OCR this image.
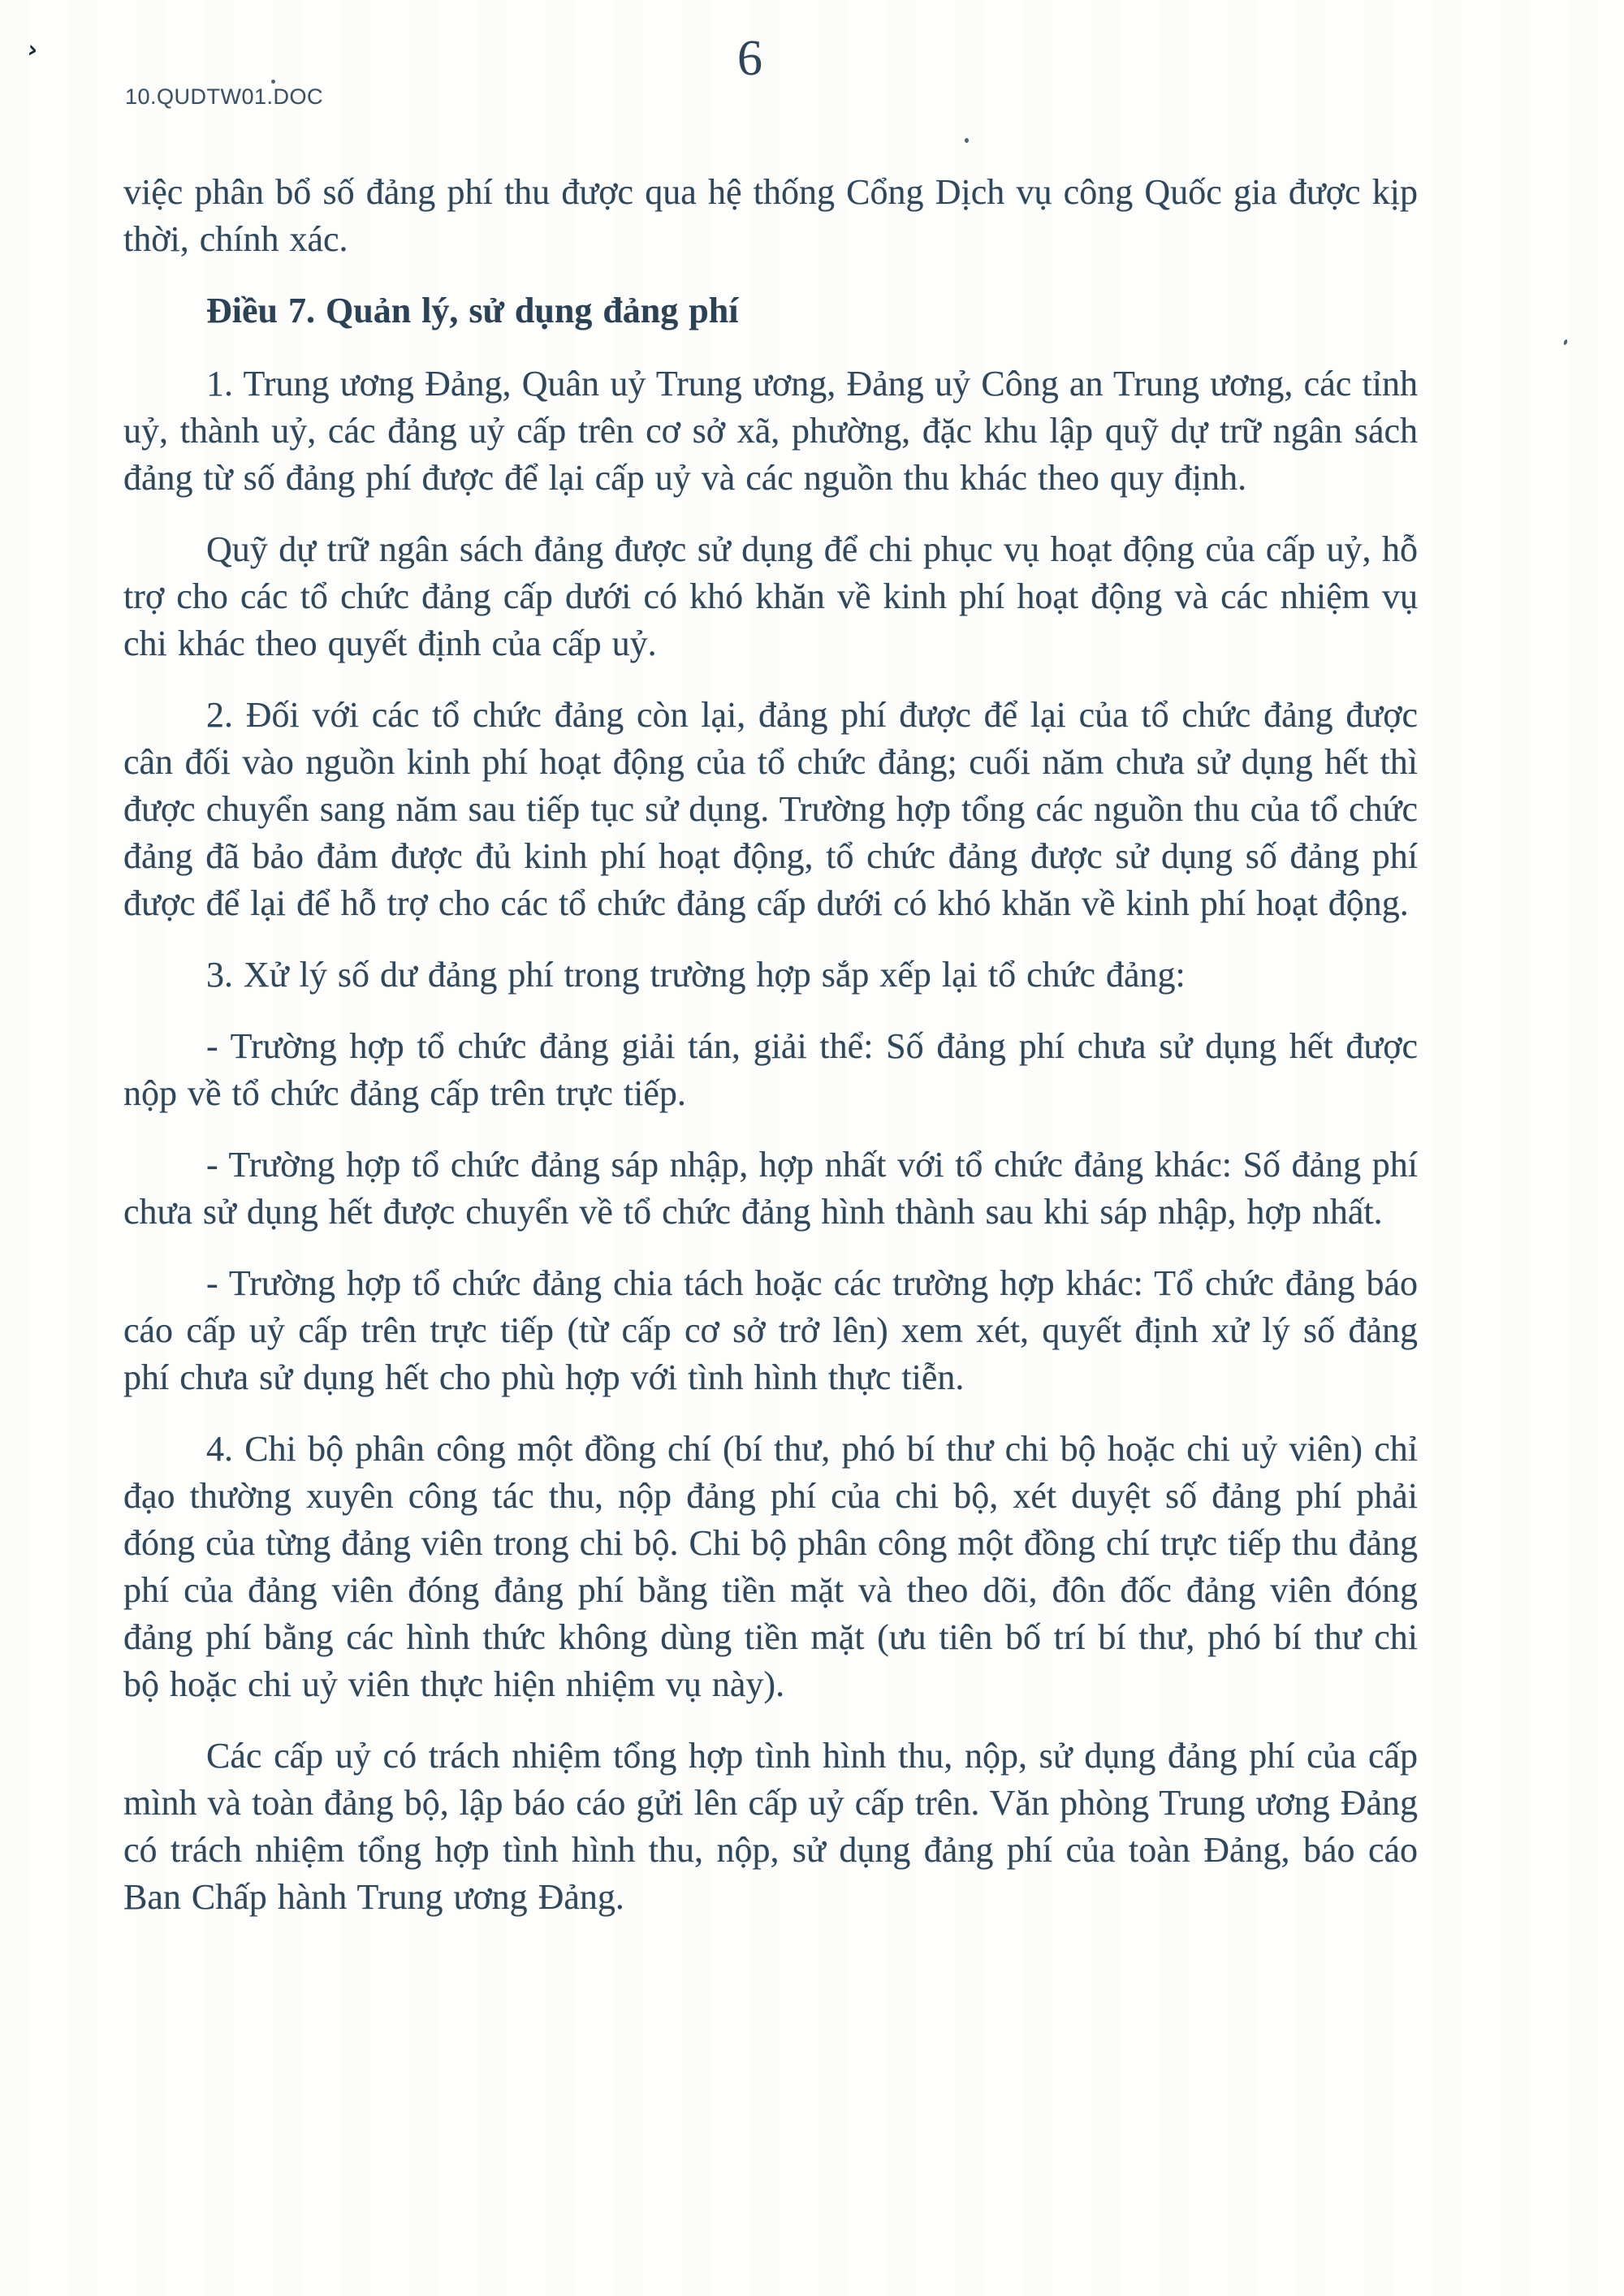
›
10.QUDTW01.DOC
6

việc phân bổ số đảng phí thu được qua hệ thống Cổng Dịch vụ công Quốc gia được kịp thời, chính xác.

Điều 7. Quản lý, sử dụng đảng phí

1. Trung ương Đảng, Quân uỷ Trung ương, Đảng uỷ Công an Trung ương, các tỉnh uỷ, thành uỷ, các đảng uỷ cấp trên cơ sở xã, phường, đặc khu lập quỹ dự trữ ngân sách đảng từ số đảng phí được để lại cấp uỷ và các nguồn thu khác theo quy định.

Quỹ dự trữ ngân sách đảng được sử dụng để chi phục vụ hoạt động của cấp uỷ, hỗ trợ cho các tổ chức đảng cấp dưới có khó khăn về kinh phí hoạt động và các nhiệm vụ chi khác theo quyết định của cấp uỷ.

2. Đối với các tổ chức đảng còn lại, đảng phí được để lại của tổ chức đảng được cân đối vào nguồn kinh phí hoạt động của tổ chức đảng; cuối năm chưa sử dụng hết thì được chuyển sang năm sau tiếp tục sử dụng. Trường hợp tổng các nguồn thu của tổ chức đảng đã bảo đảm được đủ kinh phí hoạt động, tổ chức đảng được sử dụng số đảng phí được để lại để hỗ trợ cho các tổ chức đảng cấp dưới có khó khăn về kinh phí hoạt động.

3. Xử lý số dư đảng phí trong trường hợp sắp xếp lại tổ chức đảng:

- Trường hợp tổ chức đảng giải tán, giải thể: Số đảng phí chưa sử dụng hết được nộp về tổ chức đảng cấp trên trực tiếp.

- Trường hợp tổ chức đảng sáp nhập, hợp nhất với tổ chức đảng khác: Số đảng phí chưa sử dụng hết được chuyển về tổ chức đảng hình thành sau khi sáp nhập, hợp nhất.

- Trường hợp tổ chức đảng chia tách hoặc các trường hợp khác: Tổ chức đảng báo cáo cấp uỷ cấp trên trực tiếp (từ cấp cơ sở trở lên) xem xét, quyết định xử lý số đảng phí chưa sử dụng hết cho phù hợp với tình hình thực tiễn.

4. Chi bộ phân công một đồng chí (bí thư, phó bí thư chi bộ hoặc chi uỷ viên) chỉ đạo thường xuyên công tác thu, nộp đảng phí của chi bộ, xét duyệt số đảng phí phải đóng của từng đảng viên trong chi bộ. Chi bộ phân công một đồng chí trực tiếp thu đảng phí của đảng viên đóng đảng phí bằng tiền mặt và theo dõi, đôn đốc đảng viên đóng đảng phí bằng các hình thức không dùng tiền mặt (ưu tiên bố trí bí thư, phó bí thư chi bộ hoặc chi uỷ viên thực hiện nhiệm vụ này).

Các cấp uỷ có trách nhiệm tổng hợp tình hình thu, nộp, sử dụng đảng phí của cấp mình và toàn đảng bộ, lập báo cáo gửi lên cấp uỷ cấp trên. Văn phòng Trung ương Đảng có trách nhiệm tổng hợp tình hình thu, nộp, sử dụng đảng phí của toàn Đảng, báo cáo Ban Chấp hành Trung ương Đảng.
